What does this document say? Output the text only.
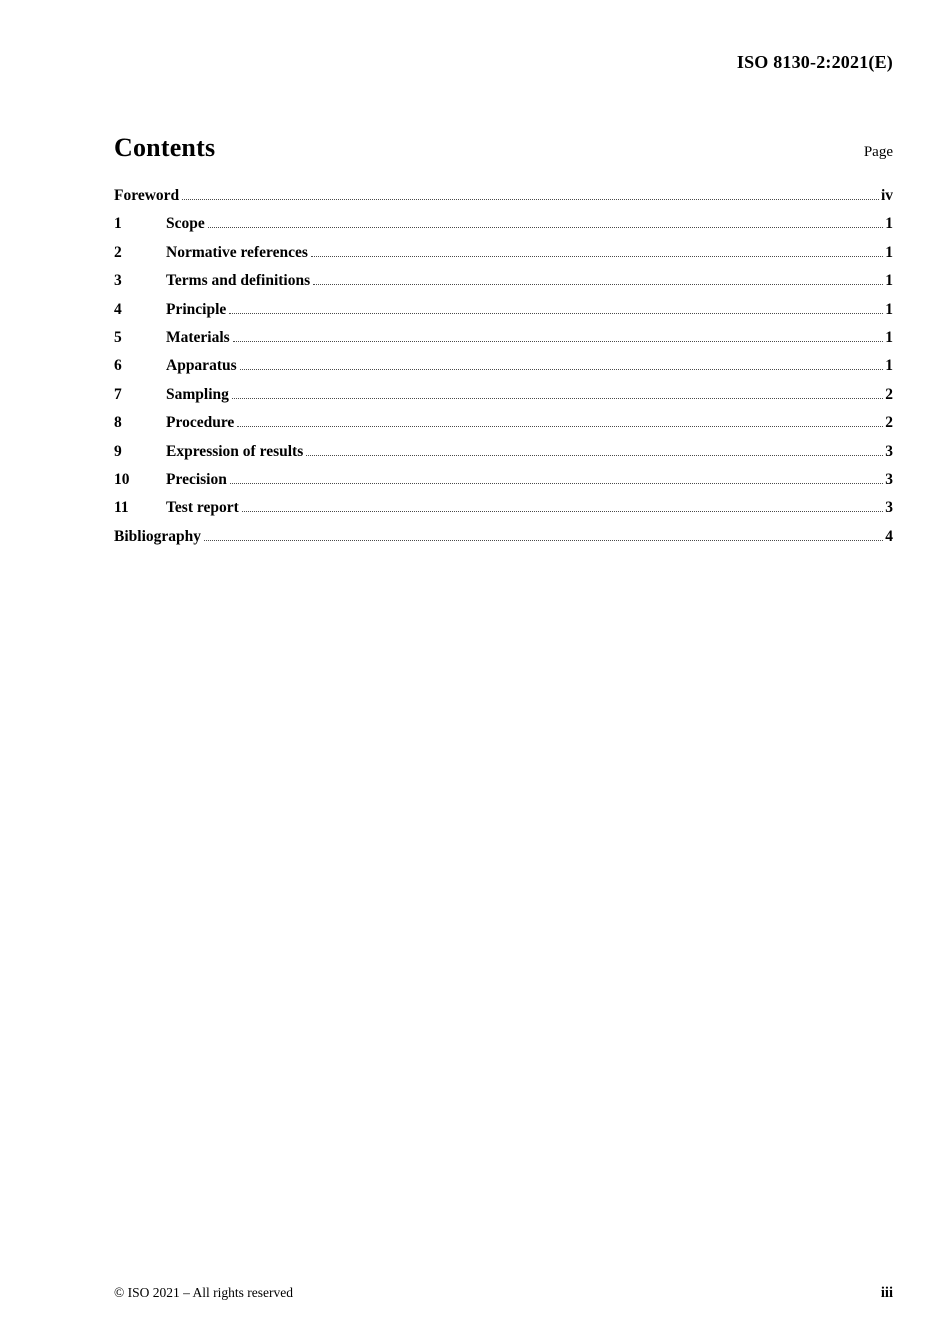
ISO 8130-2:2021(E)
Contents	Page
Foreword	iv
1	Scope	1
2	Normative references	1
3	Terms and definitions	1
4	Principle	1
5	Materials	1
6	Apparatus	1
7	Sampling	2
8	Procedure	2
9	Expression of results	3
10	Precision	3
11	Test report	3
Bibliography	4
© ISO 2021 – All rights reserved	iii
